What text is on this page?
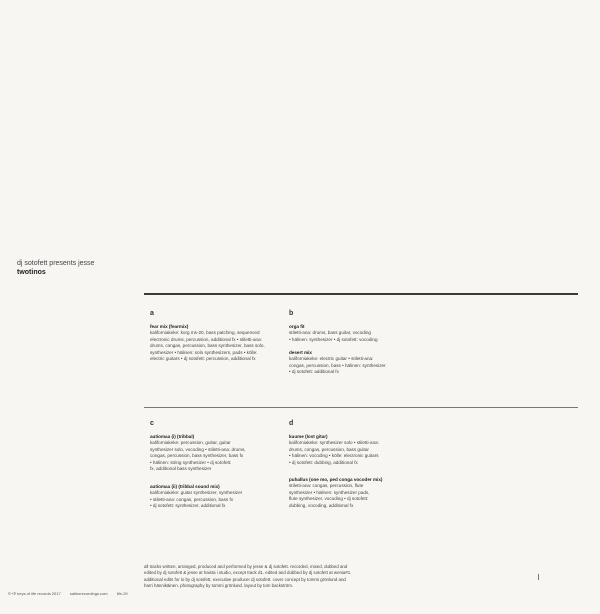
dj sotofett presents jesse
twotinos
a
fear mix (fearmix)
kaliforniakeke: korg ms-20, bass patching, sequenced
electronic drums, percussion, additional fx • stiletti-ana:
drums, congas, percussion, bass synthesizer, bass solo,
synthesizer • hälinen: solo synthesizers, pads • kölle:
electric guitars • dj sotofett: percussion, additional fx
b
orga fit
stiletti-ana: drums, bass guitar, vocoding
• hälinen: synthesizer • dj sotofett: vocoding
desert mix
kaliforniakeke: electric guitar • stiletti-ana:
congas, percussion, bass • hälinen: synthesizer
• dj sotofett: additional fx
c
autiomaa (i) (tribbal)
kaliforniakeke: percussion, guitar, guitar
synthesizer solo, vocoding • stiletti-ana: drums,
congas, percussion, bass synthesizer, bass fx
• hälinen: string synthesizer • dj sotofett:
fx, additional bass synthesizer
autiomaa (ii) (tribbal sound mix)
kaliforniakeke: guitar synthesizer, synthesizer
• stiletti-ana: congas, percussion, bass fx
• dj sotofett: synthesizer, additional fx
d
kuume (lost gitar)
kaliforniakeke: synthesizer solo • stiletti-ana:
drums, congas, percussion, bass guitar
• hälinen: vocoding • kölle: electronic guitars
• dj sotofett: dubbing, additional fx
puhallus (one mo, ped conga vocoder mix)
stiletti-ana: congas, percussion, flute
synthesizer • hälinen: synthesizer pads,
flute synthesizer, vocoding • dj sotofett:
dubbing, vocoding, additional fx
all tracks written, arranged, produced and performed by jesse & dj sotofett. recorded, mixed, dubbed and
edited by dj sotofett & jesse at haista i studio, except track d1. edited and dubbed by dj sotofett at wenia#1.
additional edits for lo by dj sotofett. executive producer dj sotofett. cover concept by tommi grönlund and
harri hännikäinen. photography by tommi grönlund. layout by tom backström.
©+® keys of life records 2017 salleorecordings.com life-29
